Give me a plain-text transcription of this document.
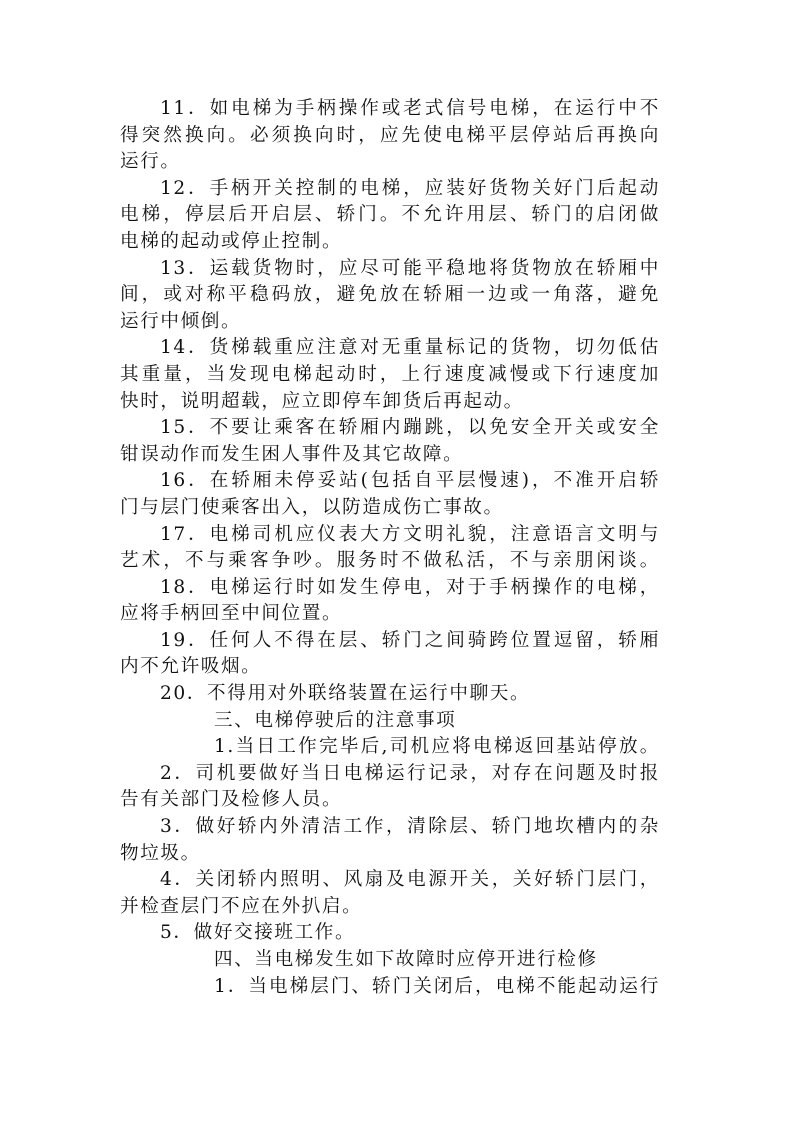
11．如电梯为手柄操作或老式信号电梯，在运行中不
得突然换向。必须换向时，应先使电梯平层停站后再换向
运行。
12．手柄开关控制的电梯，应装好货物关好门后起动
电梯，停层后开启层、轿门。不允许用层、轿门的启闭做
电梯的起动或停止控制。
13．运载货物时，应尽可能平稳地将货物放在轿厢中
间，或对称平稳码放，避免放在轿厢一边或一角落，避免
运行中倾倒。
14．货梯载重应注意对无重量标记的货物，切勿低估
其重量，当发现电梯起动时，上行速度减慢或下行速度加
快时，说明超载，应立即停车卸货后再起动。
15．不要让乘客在轿厢内蹦跳，以免安全开关或安全
钳误动作而发生困人事件及其它故障。
16．在轿厢未停妥站(包括自平层慢速)，不准开启轿
门与层门使乘客出入，以防造成伤亡事故。
17．电梯司机应仪表大方文明礼貌，注意语言文明与
艺术，不与乘客争吵。服务时不做私活，不与亲朋闲谈。
18．电梯运行时如发生停电，对于手柄操作的电梯，
应将手柄回至中间位置。
19．任何人不得在层、轿门之间骑跨位置逗留，轿厢
内不允许吸烟。
20．不得用对外联络装置在运行中聊天。
三、电梯停驶后的注意事项
1.当日工作完毕后,司机应将电梯返回基站停放。
2．司机要做好当日电梯运行记录，对存在问题及时报
告有关部门及检修人员。
3．做好轿内外清洁工作，清除层、轿门地坎槽内的杂
物垃圾。
4．关闭轿内照明、风扇及电源开关，关好轿门层门，
并检查层门不应在外扒启。
5．做好交接班工作。
四、当电梯发生如下故障时应停开进行检修
1．当电梯层门、轿门关闭后，电梯不能起动运行
